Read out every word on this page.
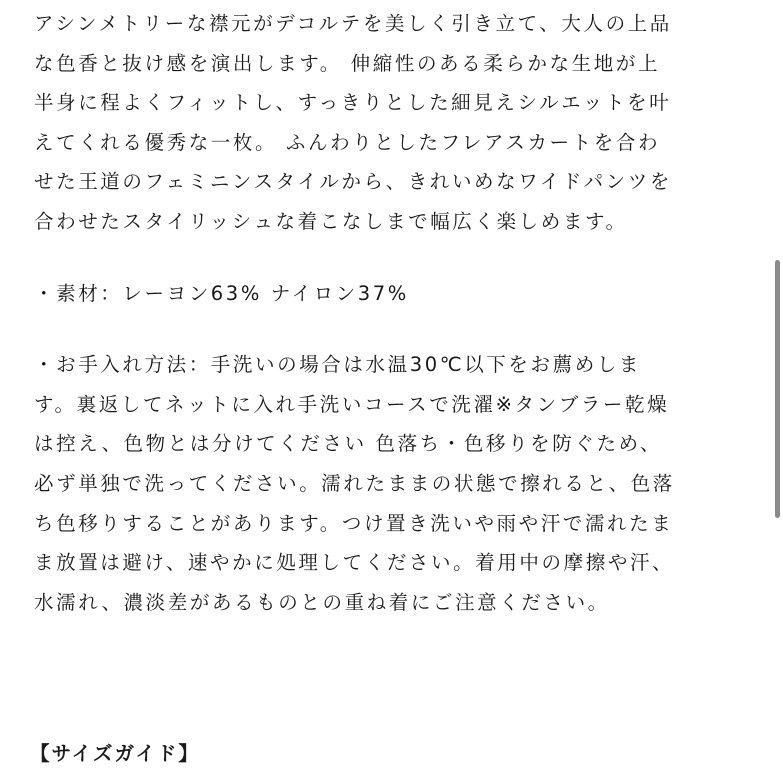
アシンメトリーな襟元がデコルテを美しく引き立て、大人の上品
な色香と抜け感を演出します。 伸縮性のある柔らかな生地が上
半身に程よくフィットし、すっきりとした細見えシルエットを叶
えてくれる優秀な一枚。 ふんわりとしたフレアスカートを合わ
せた王道のフェミニンスタイルから、きれいめなワイドパンツを
合わせたスタイリッシュな着こなしまで幅広く楽しめます。
・素材：レーヨン63% ナイロン37%
・お手入れ方法：手洗いの場合は水温30℃以下をお薦めしま
す。裏返してネットに入れ手洗いコースで洗濯※タンブラー乾燥
は控え、色物とは分けてください 色落ち・色移りを防ぐため、
必ず単独で洗ってください。濡れたままの状態で擦れると、色落
ち色移りすることがあります。つけ置き洗いや雨や汗で濡れたま
ま放置は避け、速やかに処理してください。着用中の摩擦や汗、
水濡れ、濃淡差があるものとの重ね着にご注意ください。
【サイズガイド】
